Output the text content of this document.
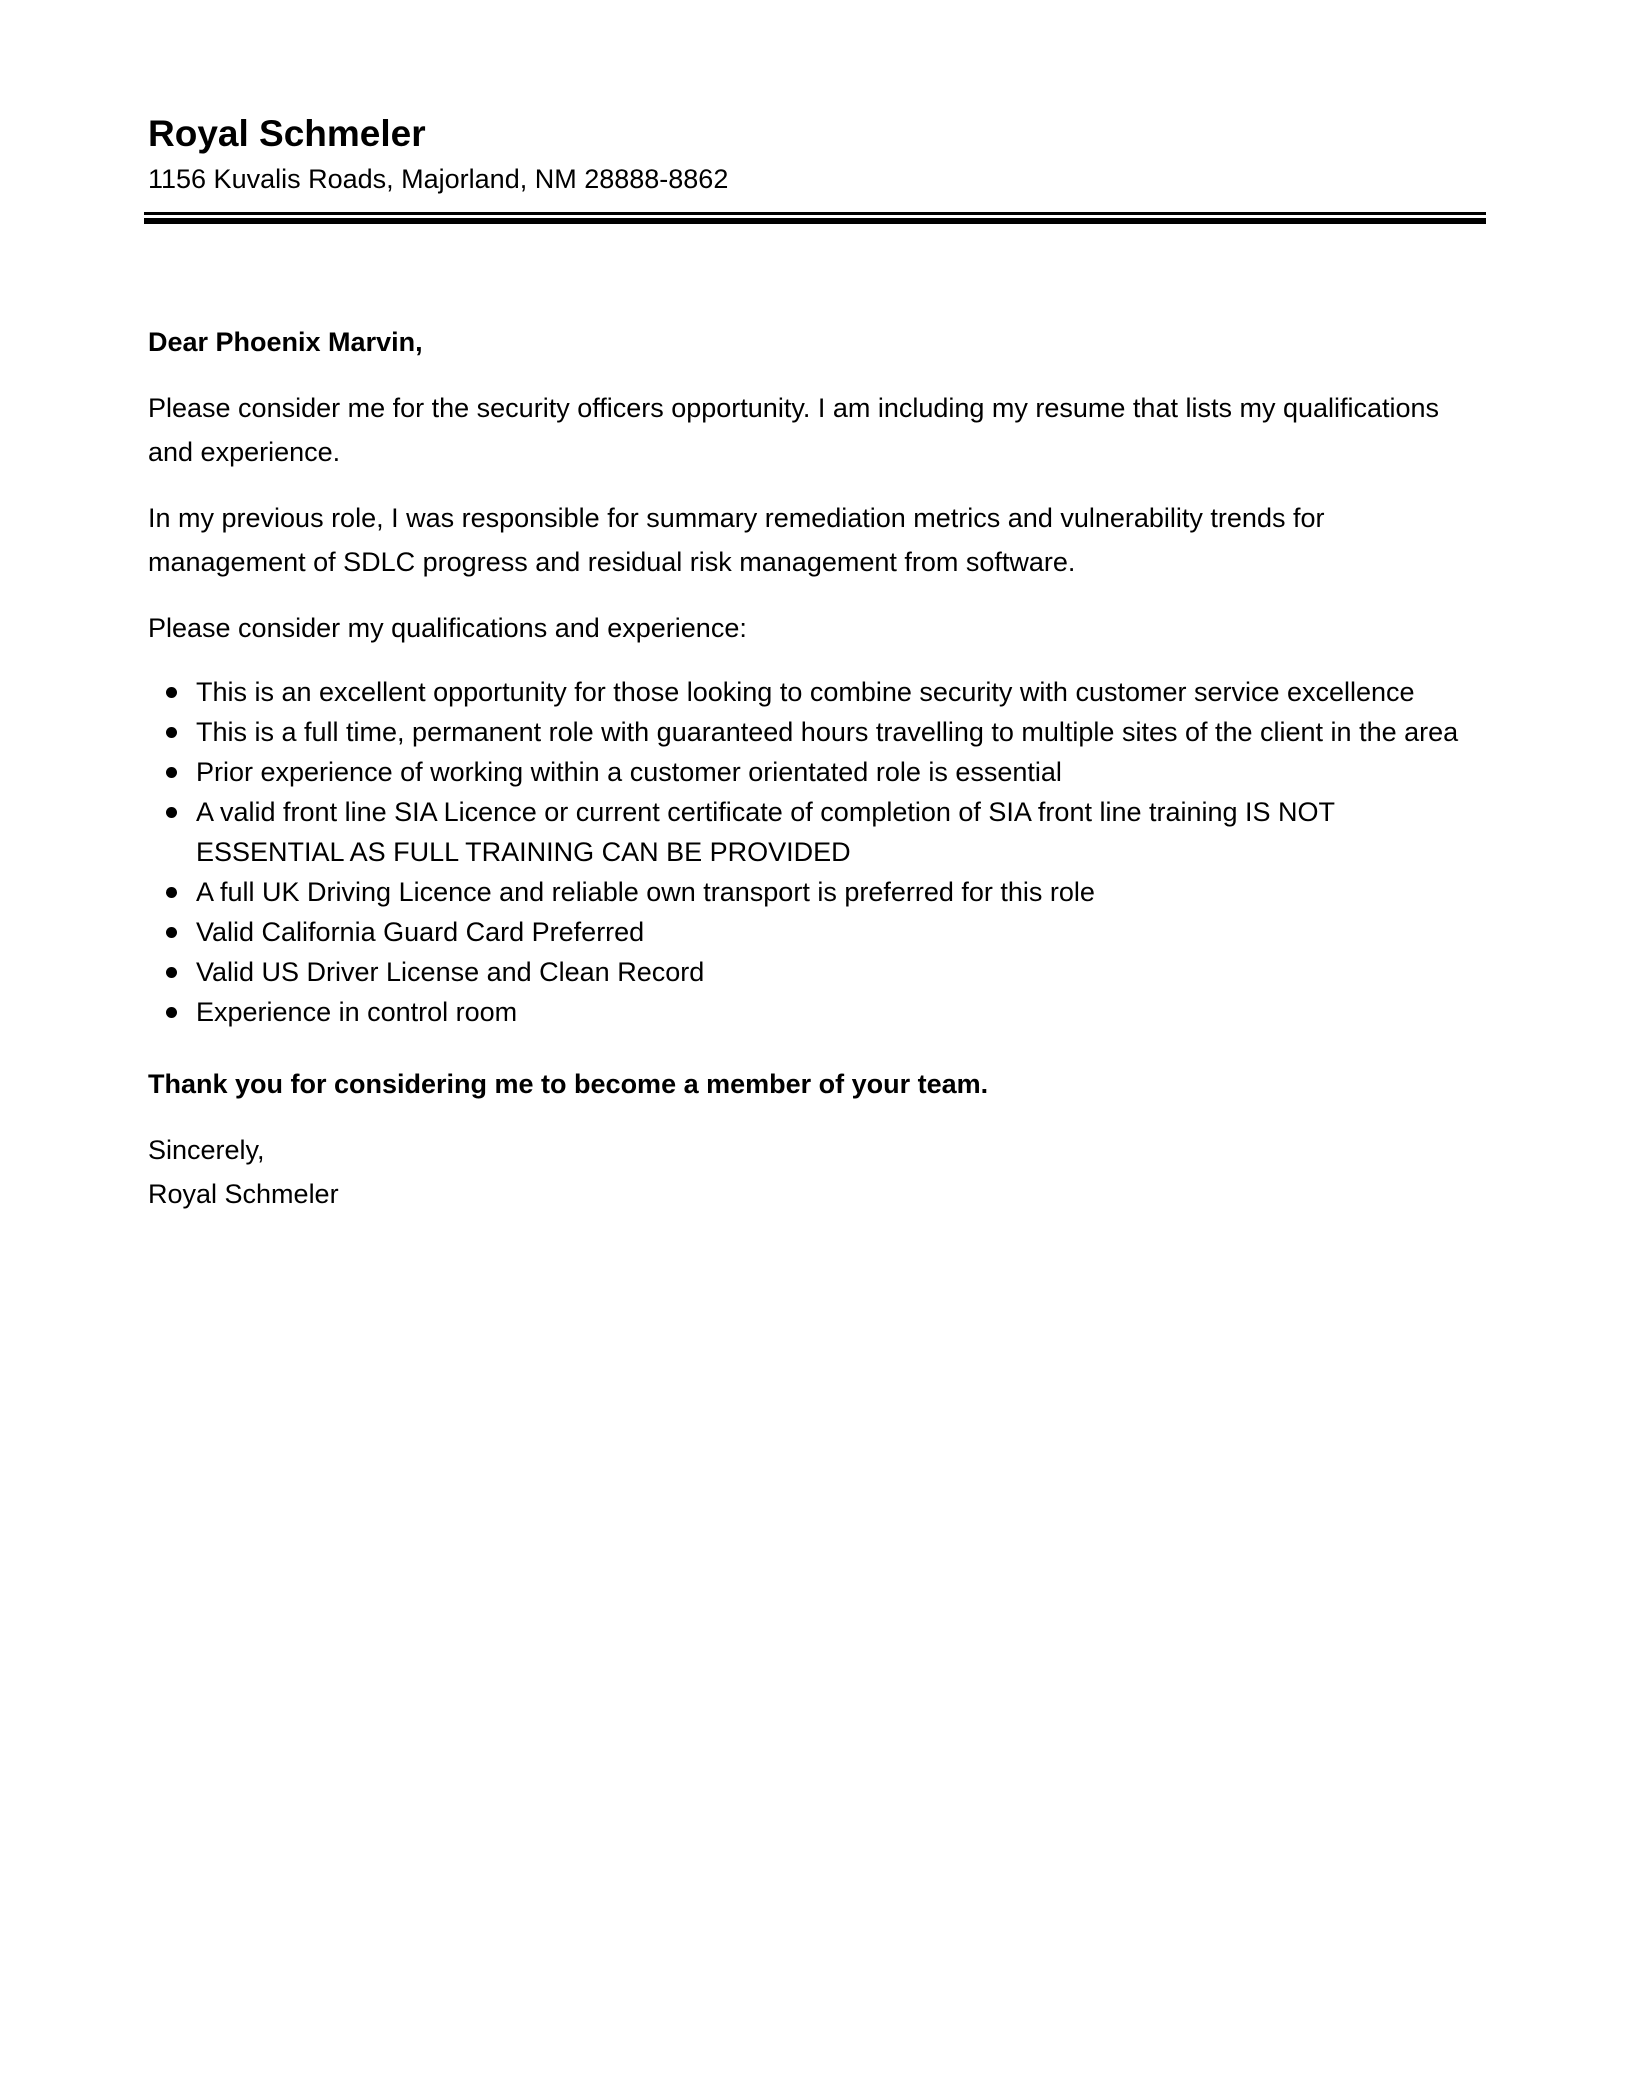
Royal Schmeler

1156 Kuvalis Roads, Majorland, NM 28888-8862

Dear Phoenix Marvin,

Please consider me for the security officers opportunity. I am including my resume that lists my qualifications and experience.

In my previous role, I was responsible for summary remediation metrics and vulnerability trends for management of SDLC progress and residual risk management from software.

Please consider my qualifications and experience:

This is an excellent opportunity for those looking to combine security with customer service excellence
This is a full time, permanent role with guaranteed hours travelling to multiple sites of the client in the area
Prior experience of working within a customer orientated role is essential
A valid front line SIA Licence or current certificate of completion of SIA front line training IS NOT ESSENTIAL AS FULL TRAINING CAN BE PROVIDED
A full UK Driving Licence and reliable own transport is preferred for this role
Valid California Guard Card Preferred
Valid US Driver License and Clean Record
Experience in control room

Thank you for considering me to become a member of your team.

Sincerely,

Royal Schmeler
